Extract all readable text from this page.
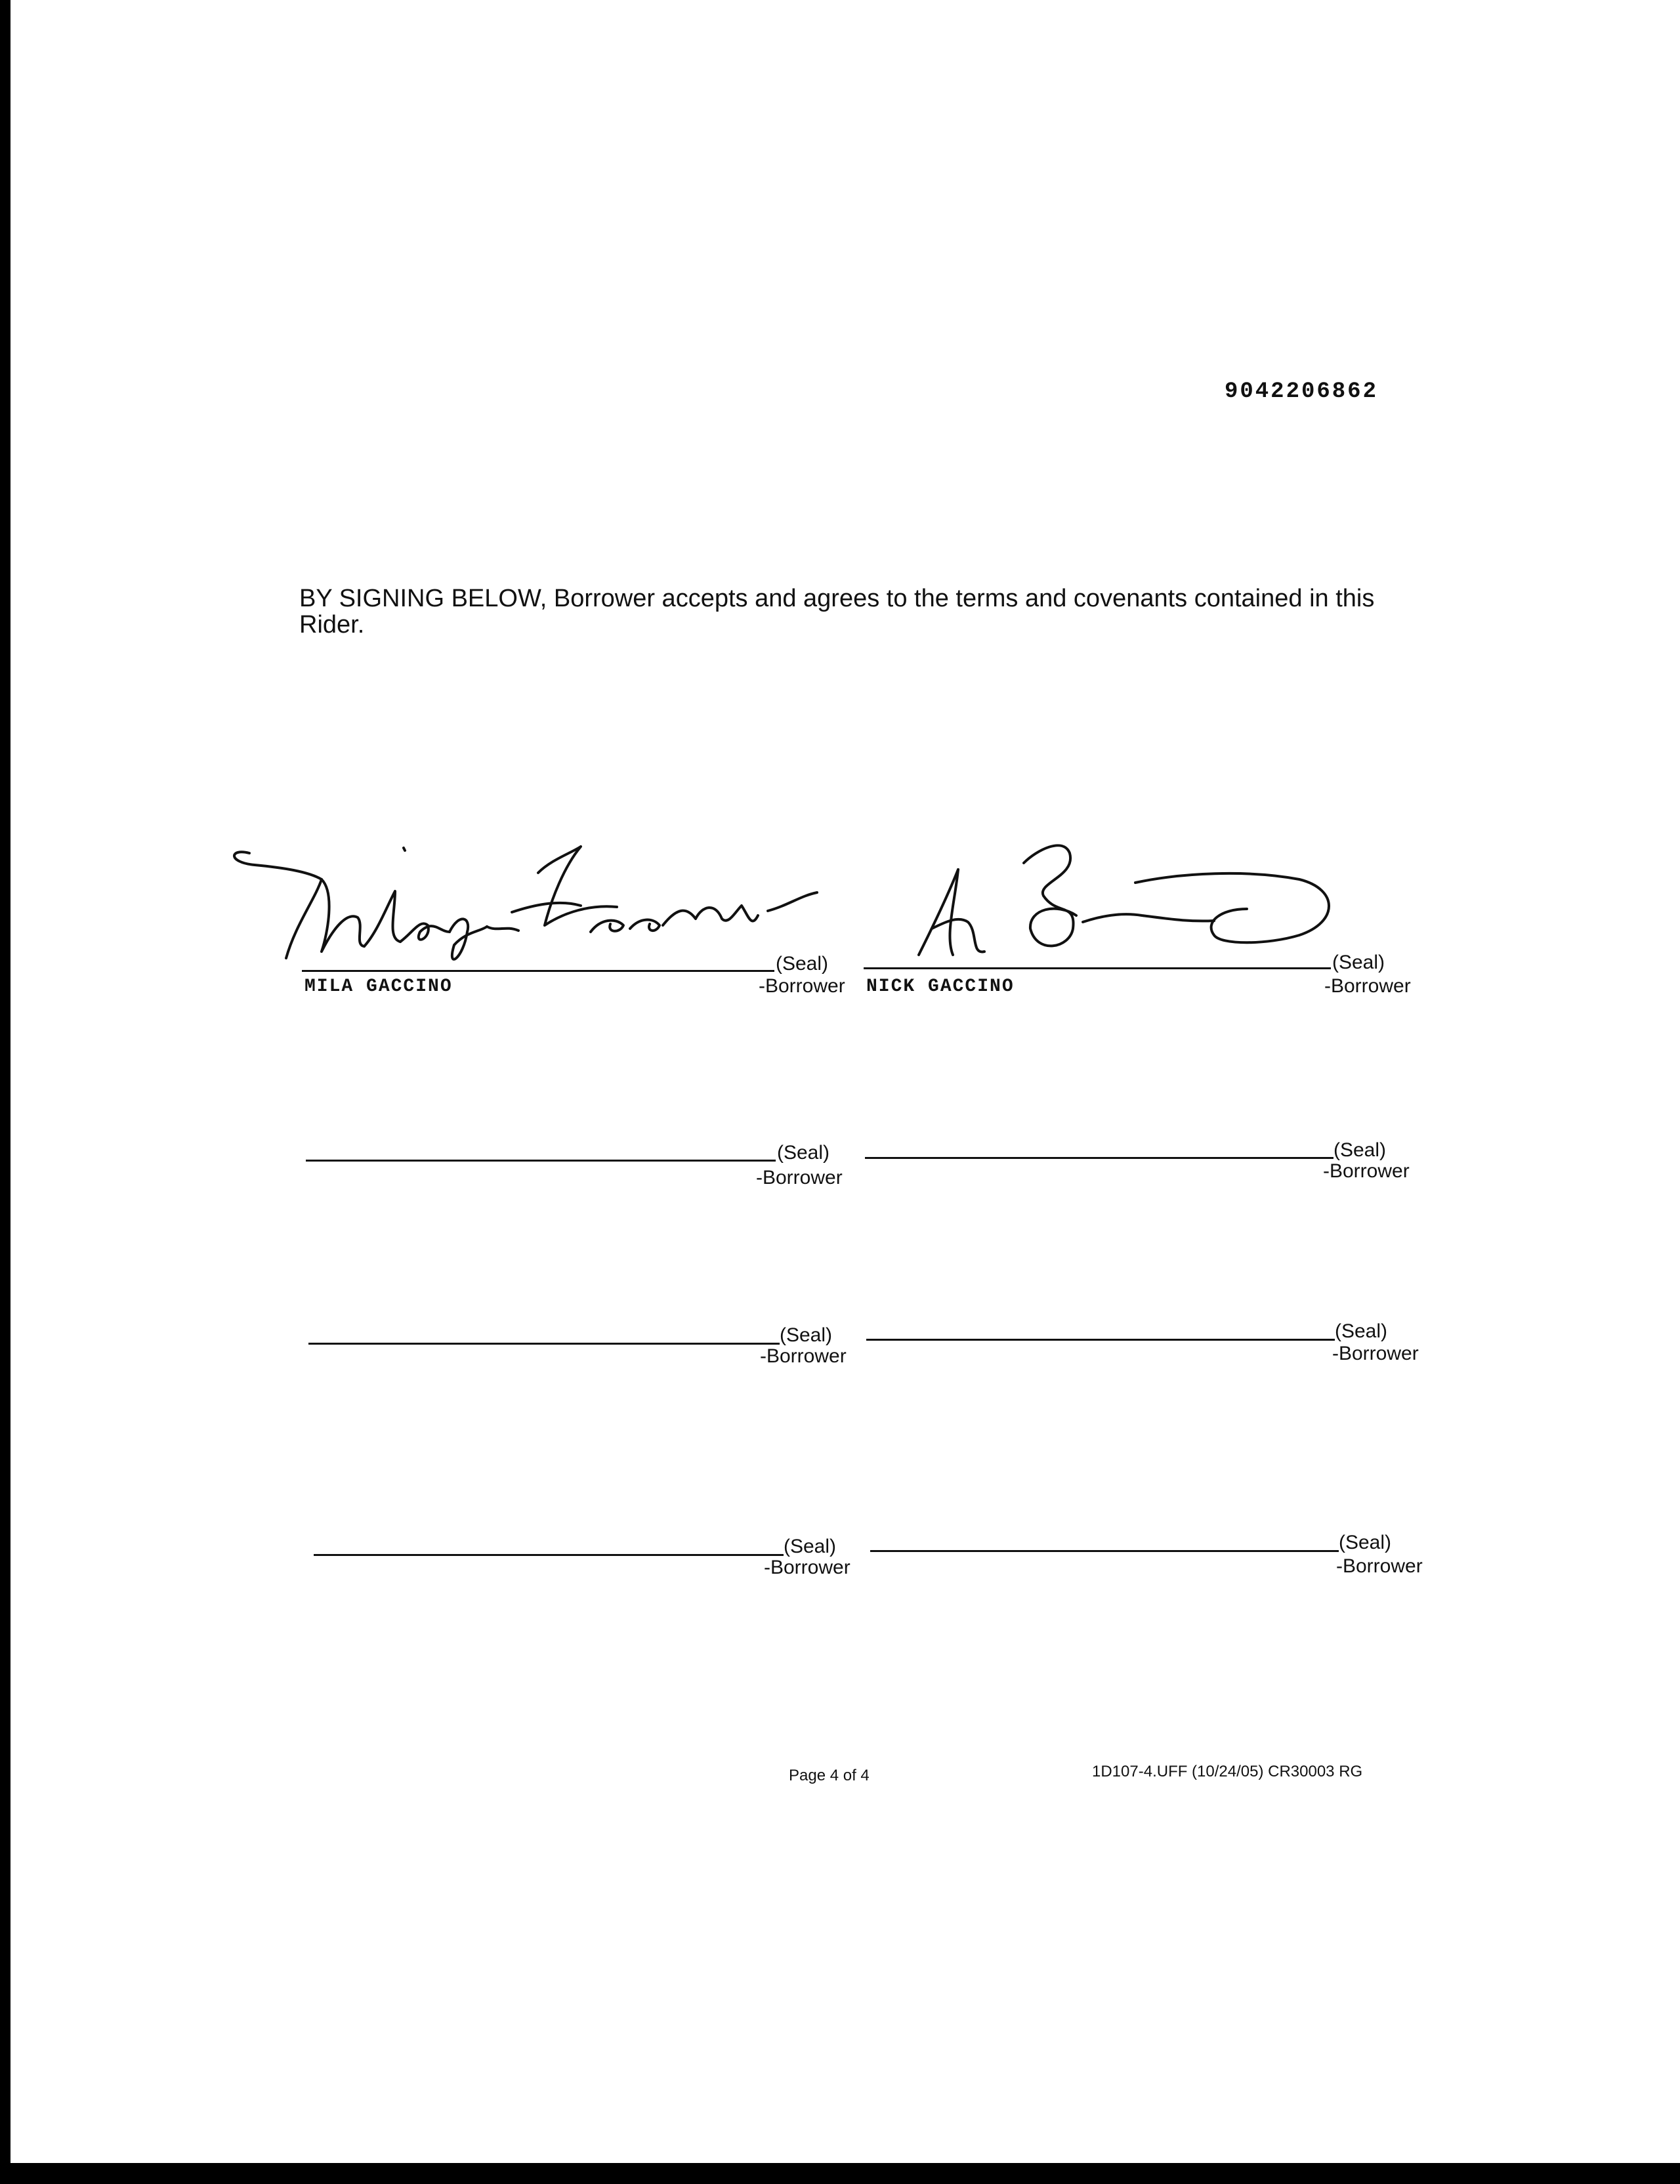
9042206862
BY SIGNING BELOW, Borrower accepts and agrees to the terms and covenants contained in this Rider.
(Seal)
MILA GACCINO	-Borrower
(Seal)
NICK GACCINO	-Borrower
(Seal)
-Borrower
(Seal)
-Borrower
(Seal)
-Borrower
(Seal)
-Borrower
(Seal)
-Borrower
(Seal)
-Borrower
Page 4 of 4	1D107-4.UFF (10/24/05) CR30003 RG
